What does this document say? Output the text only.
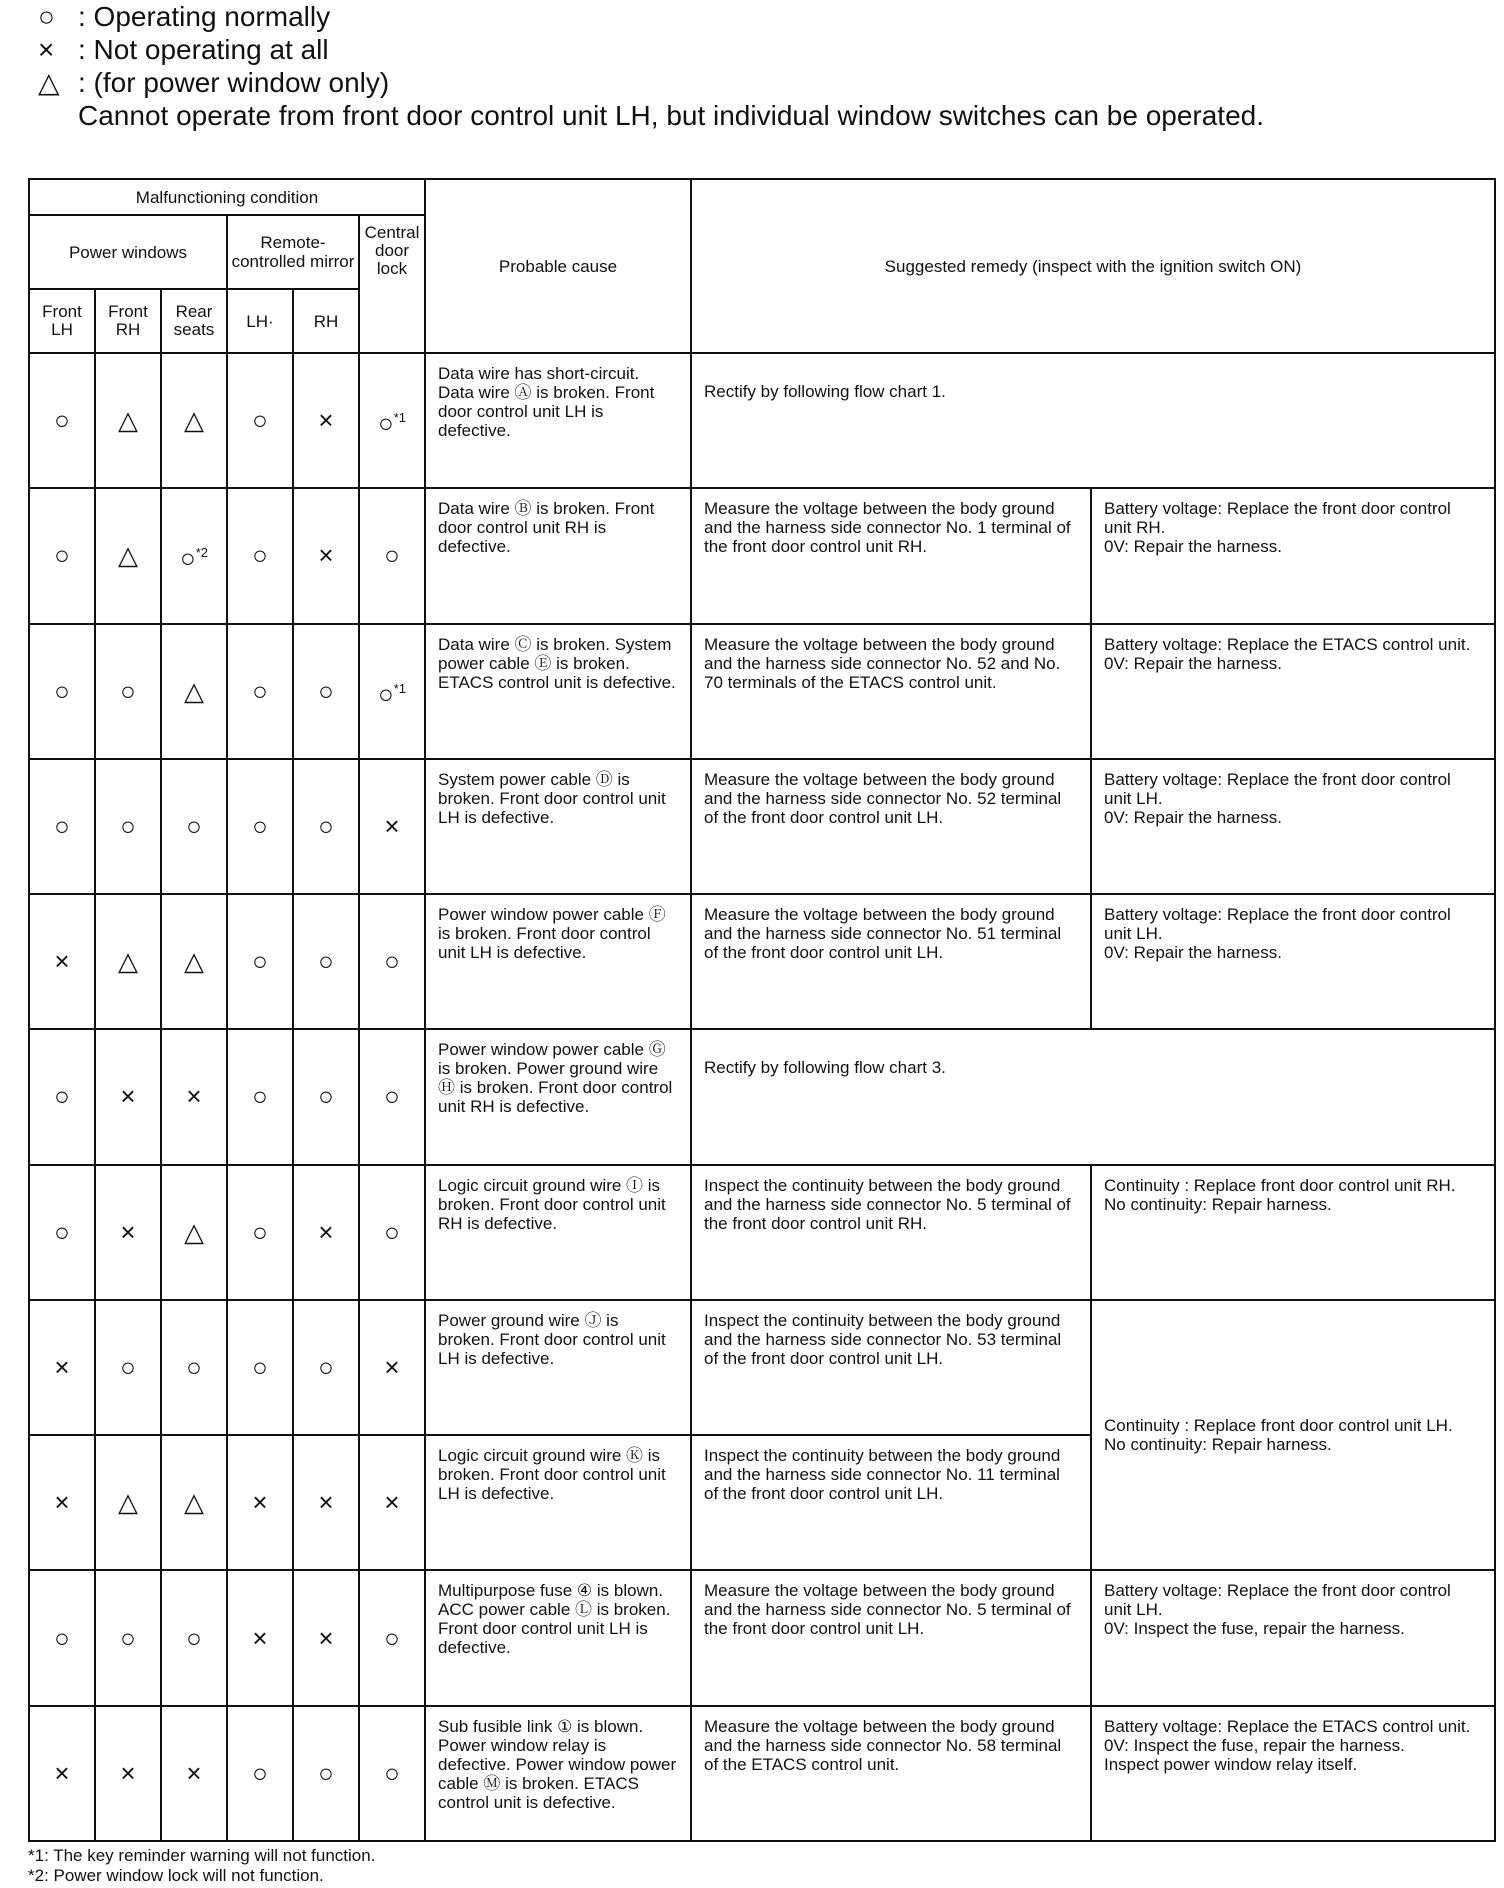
○ : Operating normally
× : Not operating at all
△ : (for power window only)
Cannot operate from front door control unit LH, but individual window switches can be operated.
Malfunctioning condition						Probable cause	Suggested remedy (inspect with the ignition switch ON)	
Power windows			Remote-controlled mirror		Central door lock			
Front LH	Front RH	Rear seats	LH·	RH				
○	△	△	○	×	○$^{*1}$	Data wire has short-circuit. Data wire Ⓐ is broken. Front door control unit LH is defective.	Rectify by following flow chart 1.	
○	△	○$^{*2}$	○	×	○	Data wire Ⓑ is broken. Front door control unit RH is defective.	Measure the voltage between the body ground and the harness side connector No. 1 terminal of the front door control unit RH.	Battery voltage: Replace the front door control unit RH.
0V: Repair the harness.
○	○	△	○	○	○$^{*1}$	Data wire Ⓒ is broken. System power cable Ⓔ is broken. ETACS control unit is defective.	Measure the voltage between the body ground and the harness side connector No. 52 and No. 70 terminals of the ETACS control unit.	Battery voltage: Replace the ETACS control unit.
0V: Repair the harness.
○	○	○	○	○	×	System power cable Ⓓ is broken. Front door control unit LH is defective.	Measure the voltage between the body ground and the harness side connector No. 52 terminal of the front door control unit LH.	Battery voltage: Replace the front door control unit LH.
0V: Repair the harness.
×	△	△	○	○	○	Power window power cable Ⓕ is broken. Front door control unit LH is defective.	Measure the voltage between the body ground and the harness side connector No. 51 terminal of the front door control unit LH.	Battery voltage: Replace the front door control unit LH.
0V: Repair the harness.
○	×	×	○	○	○	Power window power cable Ⓖ is broken. Power ground wire Ⓗ is broken. Front door control unit RH is defective.	Rectify by following flow chart 3.	
○	×	△	○	×	○	Logic circuit ground wire Ⓘ is broken. Front door control unit RH is defective.	Inspect the continuity between the body ground and the harness side connector No. 5 terminal of the front door control unit RH.	Continuity : Replace front door control unit RH.
No continuity: Repair harness.
×	○	○	○	○	×	Power ground wire Ⓙ is broken. Front door control unit LH is defective.	Inspect the continuity between the body ground and the harness side connector No. 53 terminal of the front door control unit LH.	Continuity : Replace front door control unit LH.
No continuity: Repair harness.
×	△	△	×	×	×	Logic circuit ground wire Ⓚ is broken. Front door control unit LH is defective.	Inspect the continuity between the body ground and the harness side connector No. 11 terminal of the front door control unit LH.	
○	○	○	×	×	○	Multipurpose fuse ④ is blown. ACC power cable Ⓛ is broken. Front door control unit LH is defective.	Measure the voltage between the body ground and the harness side connector No. 5 terminal of the front door control unit LH.	Battery voltage: Replace the front door control unit LH.
0V: Inspect the fuse, repair the harness.
×	×	×	○	○	○	Sub fusible link ① is blown. Power window relay is defective. Power window power cable Ⓜ is broken. ETACS control unit is defective.	Measure the voltage between the body ground and the harness side connector No. 58 terminal of the ETACS control unit.	Battery voltage: Replace the ETACS control unit.
0V: Inspect the fuse, repair the harness.
Inspect power window relay itself.
*1: The key reminder warning will not function.
*2: Power window lock will not function.
